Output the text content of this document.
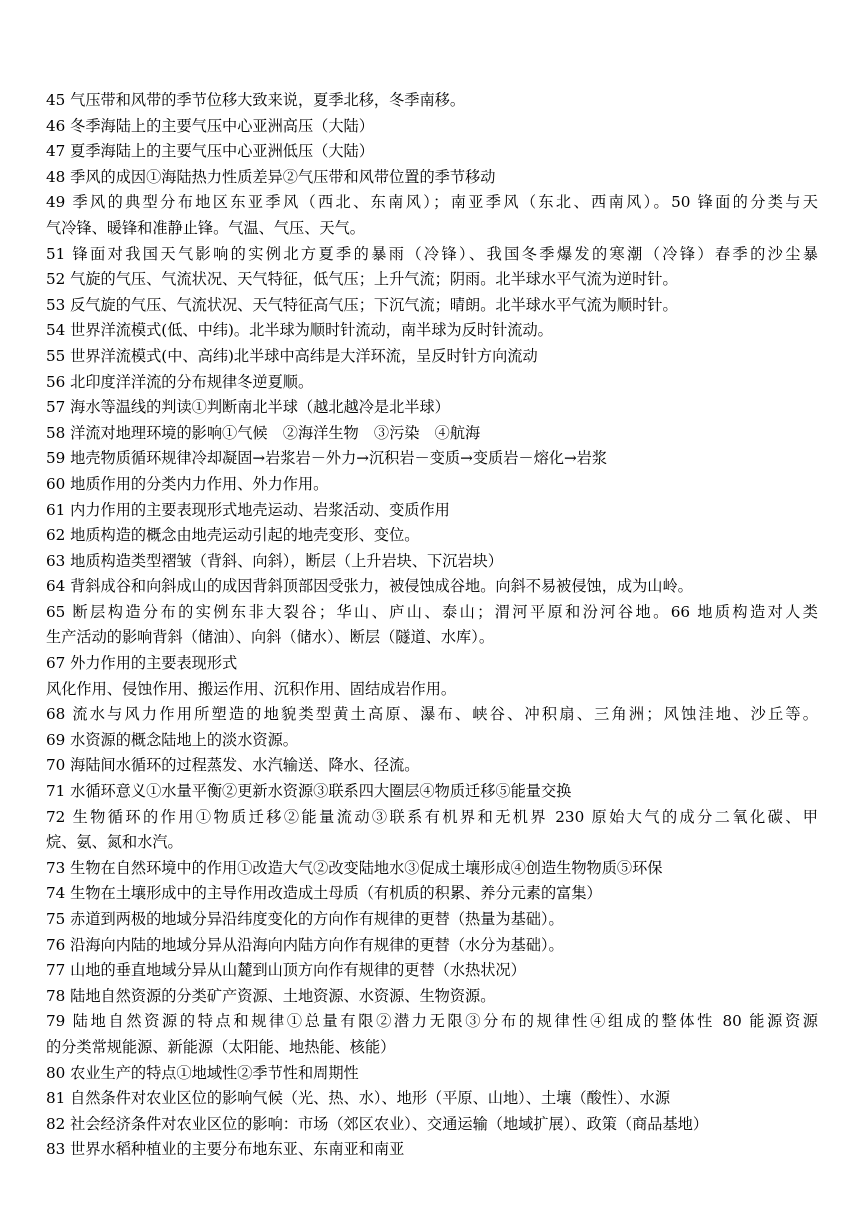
45 气压带和风带的季节位移大致来说，夏季北移，冬季南移。
46 冬季海陆上的主要气压中心亚洲高压（大陆）
47 夏季海陆上的主要气压中心亚洲低压（大陆）
48 季风的成因①海陆热力性质差异②气压带和风带位置的季节移动
49 季风的典型分布地区东亚季风（西北、东南风）；南亚季风（东北、西南风）。50 锋面的分类与天
气冷锋、暖锋和准静止锋。气温、气压、天气。
51 锋面对我国天气影响的实例北方夏季的暴雨（冷锋）、我国冬季爆发的寒潮（冷锋）春季的沙尘暴
52 气旋的气压、气流状况、天气特征，低气压；上升气流；阴雨。北半球水平气流为逆时针。
53 反气旋的气压、气流状况、天气特征高气压；下沉气流；晴朗。北半球水平气流为顺时针。
54 世界洋流模式(低、中纬)。北半球为顺时针流动，南半球为反时针流动。
55 世界洋流模式(中、高纬)北半球中高纬是大洋环流，呈反时针方向流动
56 北印度洋洋流的分布规律冬逆夏顺。
57 海水等温线的判读①判断南北半球（越北越冷是北半球）
58 洋流对地理环境的影响①气候　②海洋生物　③污染　④航海
59 地壳物质循环规律冷却凝固→岩浆岩－外力→沉积岩－变质→变质岩－熔化→岩浆
60 地质作用的分类内力作用、外力作用。
61 内力作用的主要表现形式地壳运动、岩浆活动、变质作用
62 地质构造的概念由地壳运动引起的地壳变形、变位。
63 地质构造类型褶皱（背斜、向斜），断层（上升岩块、下沉岩块）
64 背斜成谷和向斜成山的成因背斜顶部因受张力，被侵蚀成谷地。向斜不易被侵蚀，成为山岭。
65 断层构造分布的实例东非大裂谷；华山、庐山、泰山；渭河平原和汾河谷地。66 地质构造对人类
生产活动的影响背斜（储油）、向斜（储水）、断层（隧道、水库）。
67 外力作用的主要表现形式
风化作用、侵蚀作用、搬运作用、沉积作用、固结成岩作用。
68 流水与风力作用所塑造的地貌类型黄土高原、瀑布、峡谷、冲积扇、三角洲；风蚀洼地、沙丘等。
69 水资源的概念陆地上的淡水资源。
70 海陆间水循环的过程蒸发、水汽输送、降水、径流。
71 水循环意义①水量平衡②更新水资源③联系四大圈层④物质迁移⑤能量交换
72 生物循环的作用①物质迁移②能量流动③联系有机界和无机界 230 原始大气的成分二氧化碳、甲
烷、氨、氮和水汽。
73 生物在自然环境中的作用①改造大气②改变陆地水③促成土壤形成④创造生物物质⑤环保
74 生物在土壤形成中的主导作用改造成土母质（有机质的积累、养分元素的富集）
75 赤道到两极的地域分异沿纬度变化的方向作有规律的更替（热量为基础）。
76 沿海向内陆的地域分异从沿海向内陆方向作有规律的更替（水分为基础）。
77 山地的垂直地域分异从山麓到山顶方向作有规律的更替（水热状况）
78 陆地自然资源的分类矿产资源、土地资源、水资源、生物资源。
79 陆地自然资源的特点和规律①总量有限②潜力无限③分布的规律性④组成的整体性 80 能源资源
的分类常规能源、新能源（太阳能、地热能、核能）
80 农业生产的特点①地域性②季节性和周期性
81 自然条件对农业区位的影响气候（光、热、水）、地形（平原、山地）、土壤（酸性）、水源
82 社会经济条件对农业区位的影响：市场（郊区农业）、交通运输（地域扩展）、政策（商品基地）
83 世界水稻种植业的主要分布地东亚、东南亚和南亚
